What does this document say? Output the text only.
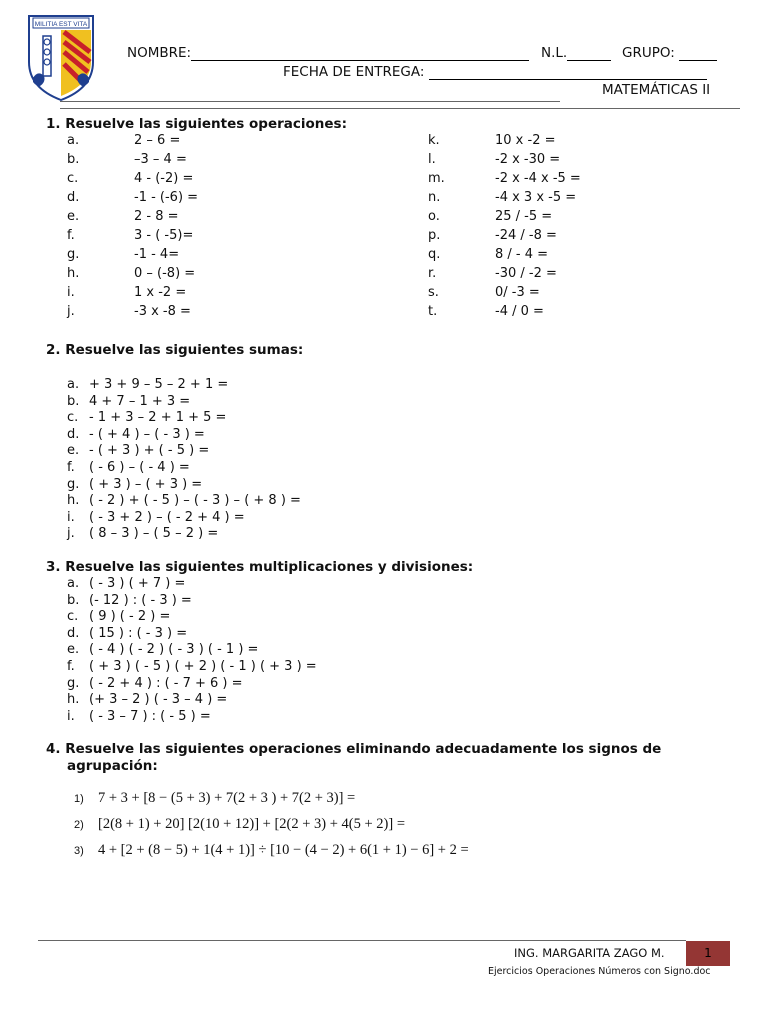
MILITIA EST VITA
NOMBRE:	N.L.	GRUPO:
FECHA DE ENTREGA:
MATEMÁTICAS II
1. Resuelve las siguientes operaciones:
a.	2 – 6 =
b.	–3 – 4 =
c.	4 - (-2) =
d.	-1 - (-6) =
e.	2 - 8 =
f.	3 - ( -5)=
g.	-1 - 4=
h.	0 – (-8) =
i.	1 x -2 =
j.	-3 x -8 =
k.	10 x -2 =
l.	-2 x -30 =
m.	-2 x -4 x -5 =
n.	-4 x 3 x -5 =
o.	25 / -5 =
p.	-24 / -8 =
q.	8 / - 4 =
r.	-30 / -2 =
s.	0/ -3 =
t.	-4 / 0 =
2. Resuelve las siguientes sumas:
a. + 3 + 9 – 5 – 2 + 1 =
b. 4 + 7 – 1 + 3 =
c. - 1 + 3 – 2 + 1 + 5 =
d. - ( + 4 ) – ( - 3 ) =
e. - ( + 3 ) + ( - 5 ) =
f. ( - 6 ) – ( - 4 ) =
g. ( + 3 ) – ( + 3 ) =
h. ( - 2 ) + ( - 5 ) – ( - 3 ) – ( + 8 ) =
i. ( - 3 + 2 ) – ( - 2 + 4 ) =
j. ( 8 – 3 ) – ( 5 – 2 ) =
3. Resuelve las siguientes multiplicaciones y divisiones:
a. ( - 3 ) ( + 7 ) =
b. (- 12 ) : ( - 3 ) =
c. ( 9 ) ( - 2 ) =
d. ( 15 ) : ( - 3 ) =
e. ( - 4 ) ( - 2 ) ( - 3 ) ( - 1 ) =
f. ( + 3 ) ( - 5 ) ( + 2 ) ( - 1 ) ( + 3 ) =
g. ( - 2 + 4 ) : ( - 7 + 6 ) =
h. (+ 3 – 2 ) ( - 3 – 4 ) =
i. ( - 3 – 7 ) : ( - 5 ) =
4. Resuelve las siguientes operaciones eliminando adecuadamente los signos de
agrupación:
1) 7 + 3 + [8 − (5 + 3) + 7(2 + 3 ) + 7(2 + 3)] =
2) [2(8 + 1) + 20] [2(10 + 12)] + [2(2 + 3) + 4(5 + 2)] =
3) 4 + [2 + (8 − 5) + 1(4 + 1)] ÷ [10 − (4 − 2) + 6(1 + 1) − 6] + 2 =
ING. MARGARITA ZAGO M.	1
Ejercicios Operaciones Números con Signo.doc
